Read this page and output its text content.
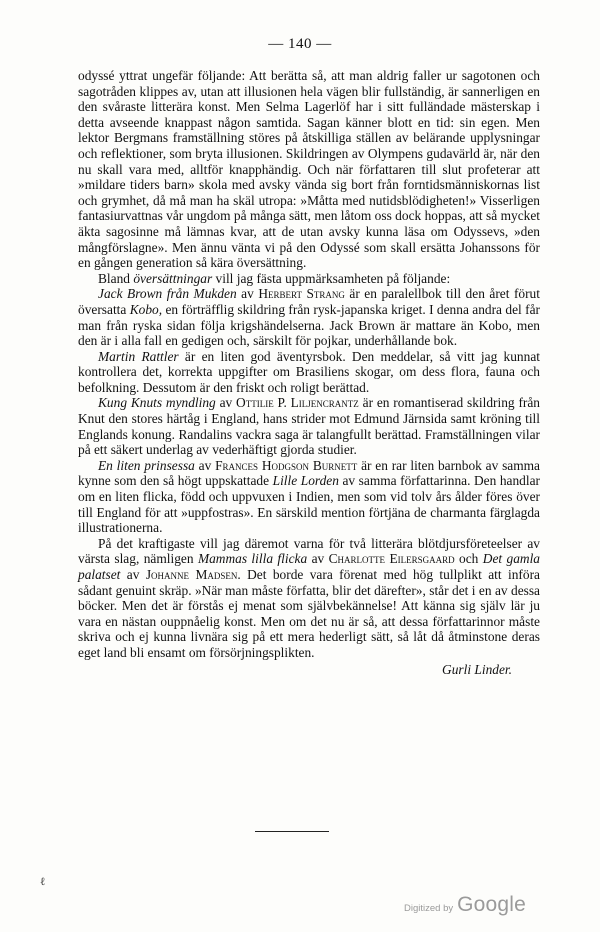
— 140 —

odyssé yttrat ungefär följande: Att berätta så, att man aldrig faller ur sagotonen och sagotråden klippes av, utan att illusionen hela vägen blir fullständig, är sannerligen en den svåraste litterära konst. Men Selma Lagerlöf har i sitt fulländade mästerskap i detta avseende knappast någon samtida. Sagan känner blott en tid: sin egen. Men lektor Bergmans framställning störes på åtskilliga ställen av belärande upplysningar och reflektioner, som bryta illusionen. Skildringen av Olympens gudavärld är, när den nu skall vara med, alltför knapphändig. Och när författaren till slut profeterar att »mildare tiders barn» skola med avsky vända sig bort från forntidsmänniskornas list och grymhet, då må man ha skäl utropa: »Måtta med nutidsblödigheten!» Visserligen fantasiurvattnas vår ungdom på många sätt, men låtom oss dock hoppas, att så mycket äkta sagosinne må lämnas kvar, att de utan avsky kunna läsa om Odyssevs, »den mångförslagne». Men ännu vänta vi på den Odyssé som skall ersätta Johanssons för en gången generation så kära översättning.

Bland översättningar vill jag fästa uppmärksamheten på följande:

Jack Brown från Mukden av Herbert Strang är en paralellbok till den året förut översatta Kobo, en förträfflig skildring från rysk-japanska kriget. I denna andra del får man från ryska sidan följa krigshändelserna. Jack Brown är mattare än Kobo, men den är i alla fall en gedigen och, särskilt för pojkar, underhållande bok.

Martin Rattler är en liten god äventyrsbok. Den meddelar, så vitt jag kunnat kontrollera det, korrekta uppgifter om Brasiliens skogar, om dess flora, fauna och befolkning. Dessutom är den friskt och roligt berättad.

Kung Knuts myndling av Ottilie P. Liljencrantz är en romantiserad skildring från Knut den stores härtåg i England, hans strider mot Edmund Järnsida samt kröning till Englands konung. Randalins vackra saga är talangfullt berättad. Framställningen vilar på ett säkert underlag av vederhäftigt gjorda studier.

En liten prinsessa av Frances Hodgson Burnett är en rar liten barnbok av samma kynne som den så högt uppskattade Lille Lorden av samma författarinna. Den handlar om en liten flicka, född och uppvuxen i Indien, men som vid tolv års ålder föres över till England för att »uppfostras». En särskild mention förtjäna de charmanta färglagda illustrationerna.

På det kraftigaste vill jag däremot varna för två litterära blötdjursföreteelser av värsta slag, nämligen Mammas lilla flicka av Charlotte Eilersgaard och Det gamla palatset av Johanne Madsen. Det borde vara förenat med hög tullplikt att införa sådant genuint skräp. »När man måste författa, blir det därefter», står det i en av dessa böcker. Men det är förstås ej menat som självbekännelse! Att känna sig själv lär ju vara en nästan ouppnåelig konst. Men om det nu är så, att dessa författarinnor måste skriva och ej kunna livnära sig på ett mera hederligt sätt, så låt då åtminstone deras eget land bli ensamt om försörjningsplikten.

Gurli Linder.

ℓ
Digitized by Google
